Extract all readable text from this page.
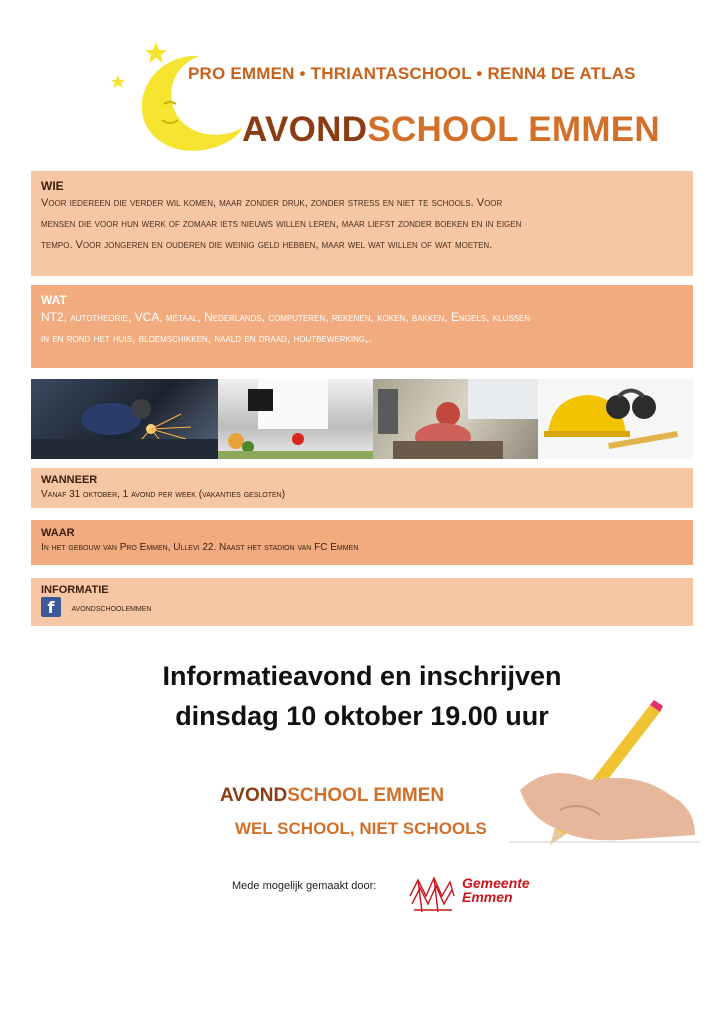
PRO EMMEN • THRIANTASCHOOL • RENN4 DE ATLAS
AVONDSCHOOL EMMEN
WIE
Voor iedereen die verder wil komen, maar zonder druk, zonder stress en niet te schools. Voor
mensen die voor hun werk of zomaar iets nieuws willen leren, maar liefst zonder boeken en in eigen
tempo. Voor jongeren en ouderen die weinig geld hebben, maar wel wat willen of wat moeten.
WAT
NT2, autotheorie, VCA, metaal, Nederlands, computeren, rekenen, koken, bakken, Engels, klussen
in en rond het huis, bloemschikken, naald en draad, houtbewerking,.
WANNEER
Vanaf 31 oktober, 1 avond per week (vakanties gesloten)
WAAR
In het gebouw van Pro Emmen, Ullevi 22. Naast het stadion van FC Emmen
INFORMATIE
f avondschoolemmen
Informatieavond en inschrijven
dinsdag 10 oktober 19.00 uur
AVONDSCHOOL EMMEN
WEL SCHOOL, NIET SCHOOLS
Mede mogelijk gemaakt door:	Gemeente
Emmen
